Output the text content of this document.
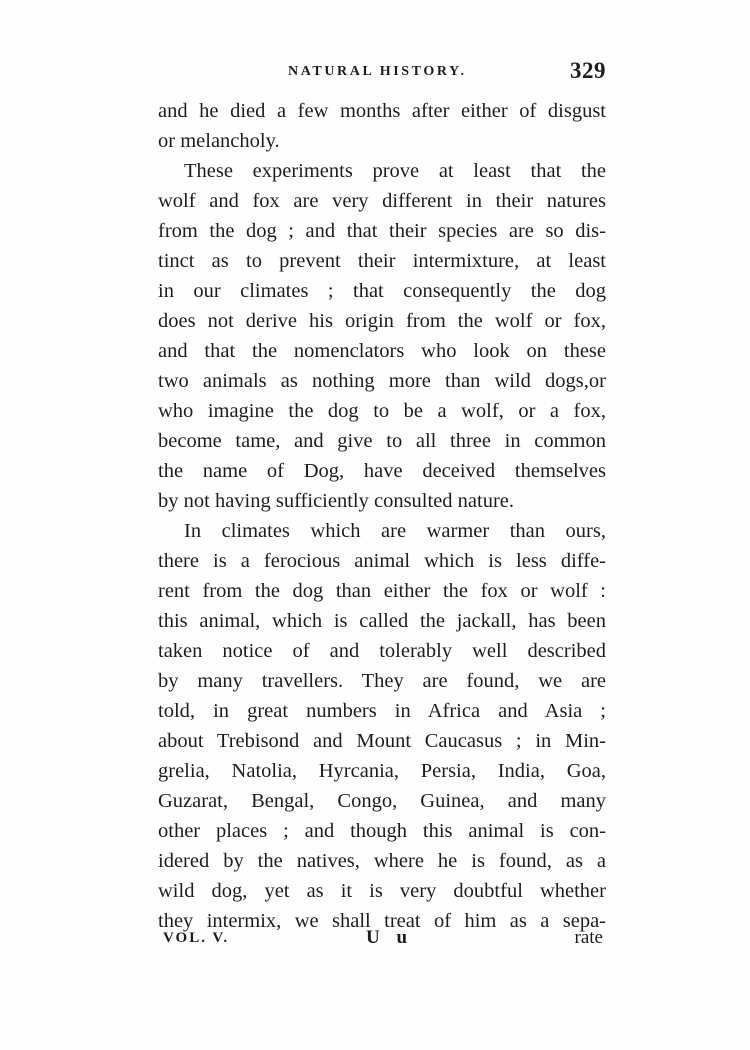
NATURAL HISTORY.	329
and he died a few months after either of disgust
or melancholy.
These experiments prove at least that the
wolf and fox are very different in their natures
from the dog ; and that their species are so dis-
tinct as to prevent their intermixture, at least
in our climates ; that consequently the dog
does not derive his origin from the wolf or fox,
and that the nomenclators who look on these
two animals as nothing more than wild dogs,or
who imagine the dog to be a wolf, or a fox,
become tame, and give to all three in common
the name of Dog, have deceived themselves
by not having sufficiently consulted nature.
In climates which are warmer than ours,
there is a ferocious animal which is less diffe-
rent from the dog than either the fox or wolf :
this animal, which is called the jackall, has been
taken notice of and tolerably well described
by many travellers. They are found, we are
told, in great numbers in Africa and Asia ;
about Trebisond and Mount Caucasus ; in Min-
grelia, Natolia, Hyrcania, Persia, India, Goa,
Guzarat, Bengal, Congo, Guinea, and many
other places ; and though this animal is con-
idered by the natives, where he is found, as a
wild dog, yet as it is very doubtful whether
they intermix, we shall treat of him as a sepa-
VOL. V.	U u	rate
